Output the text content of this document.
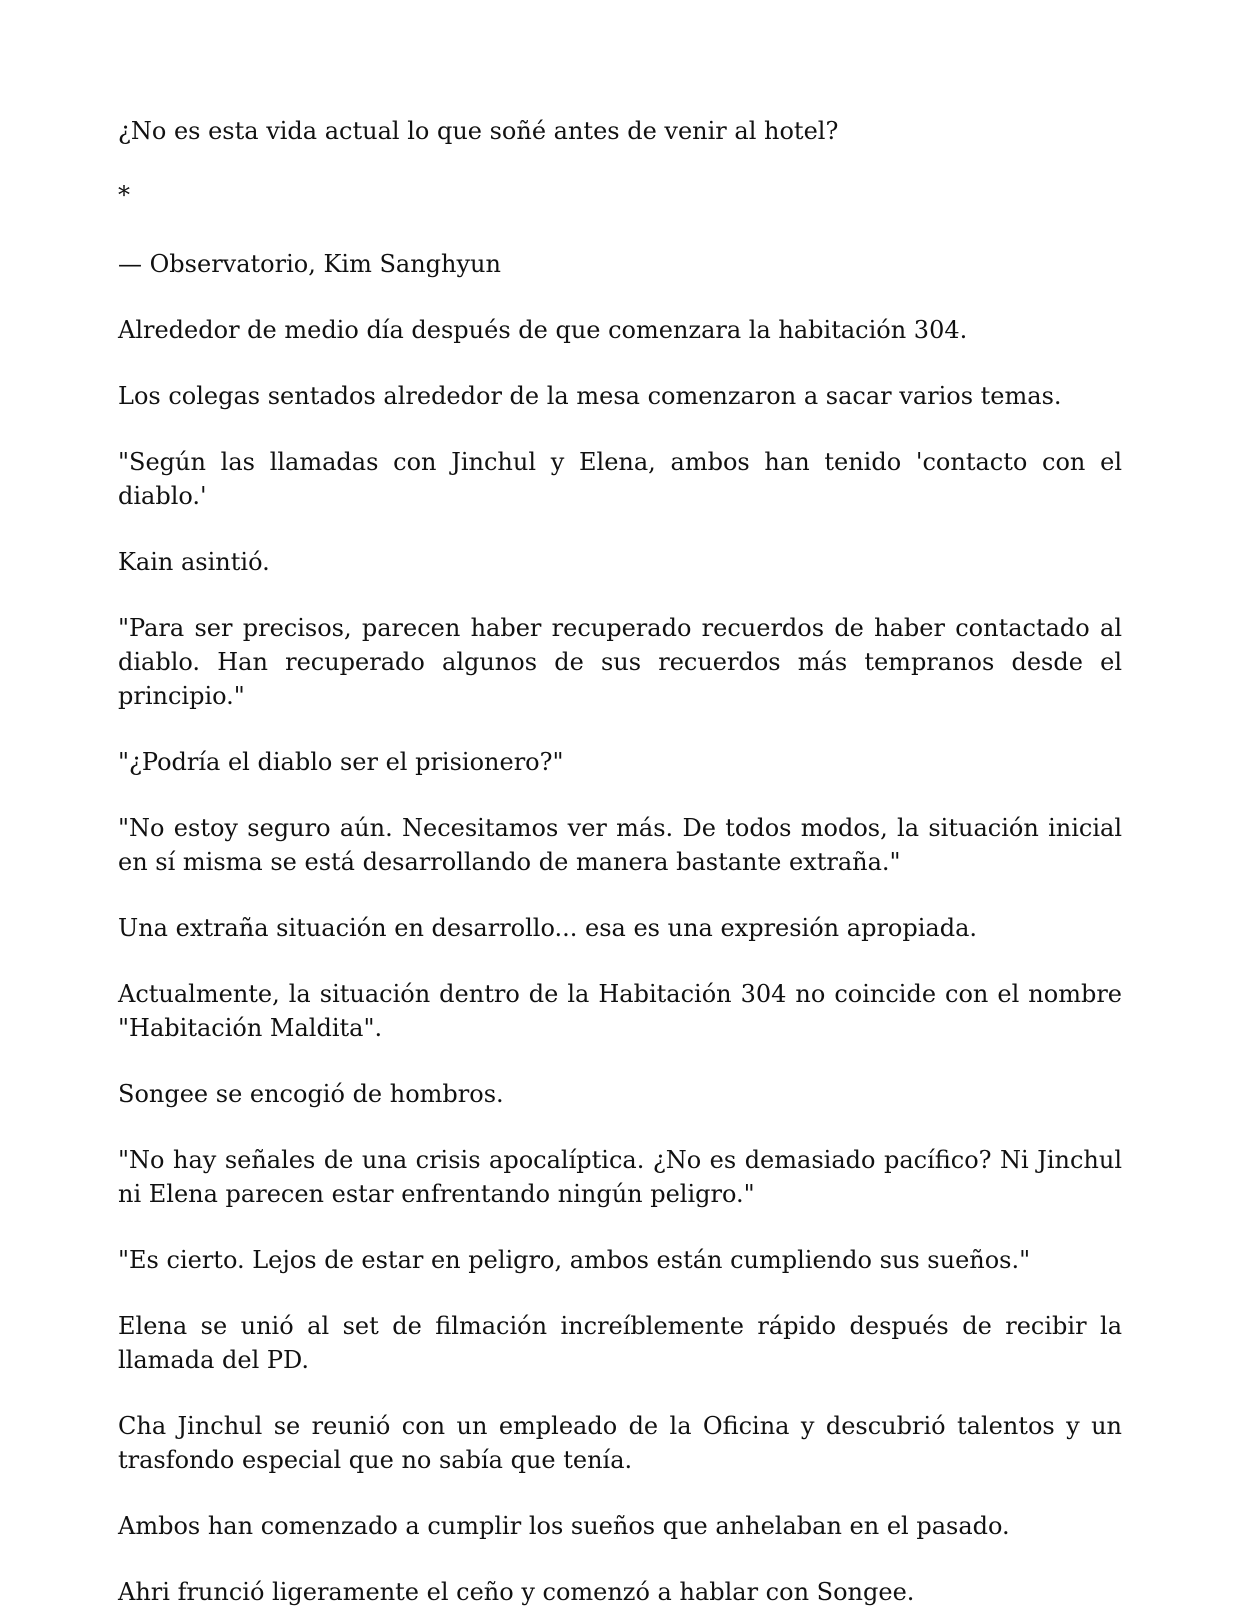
¿No es esta vida actual lo que soñé antes de venir al hotel?

*

— Observatorio, Kim Sanghyun

Alrededor de medio día después de que comenzara la habitación 304.

Los colegas sentados alrededor de la mesa comenzaron a sacar varios temas.

"Según las llamadas con Jinchul y Elena, ambos han tenido 'contacto con el diablo.'

Kain asintió.

"Para ser precisos, parecen haber recuperado recuerdos de haber contactado al diablo. Han recuperado algunos de sus recuerdos más tempranos desde el principio."

"¿Podría el diablo ser el prisionero?"

"No estoy seguro aún. Necesitamos ver más. De todos modos, la situación inicial en sí misma se está desarrollando de manera bastante extraña."

Una extraña situación en desarrollo... esa es una expresión apropiada.

Actualmente, la situación dentro de la Habitación 304 no coincide con el nombre "Habitación Maldita".

Songee se encogió de hombros.

"No hay señales de una crisis apocalíptica. ¿No es demasiado pacífico? Ni Jinchul ni Elena parecen estar enfrentando ningún peligro."

"Es cierto. Lejos de estar en peligro, ambos están cumpliendo sus sueños."

Elena se unió al set de filmación increíblemente rápido después de recibir la llamada del PD.

Cha Jinchul se reunió con un empleado de la Oficina y descubrió talentos y un trasfondo especial que no sabía que tenía.

Ambos han comenzado a cumplir los sueños que anhelaban en el pasado.

Ahri frunció ligeramente el ceño y comenzó a hablar con Songee.
